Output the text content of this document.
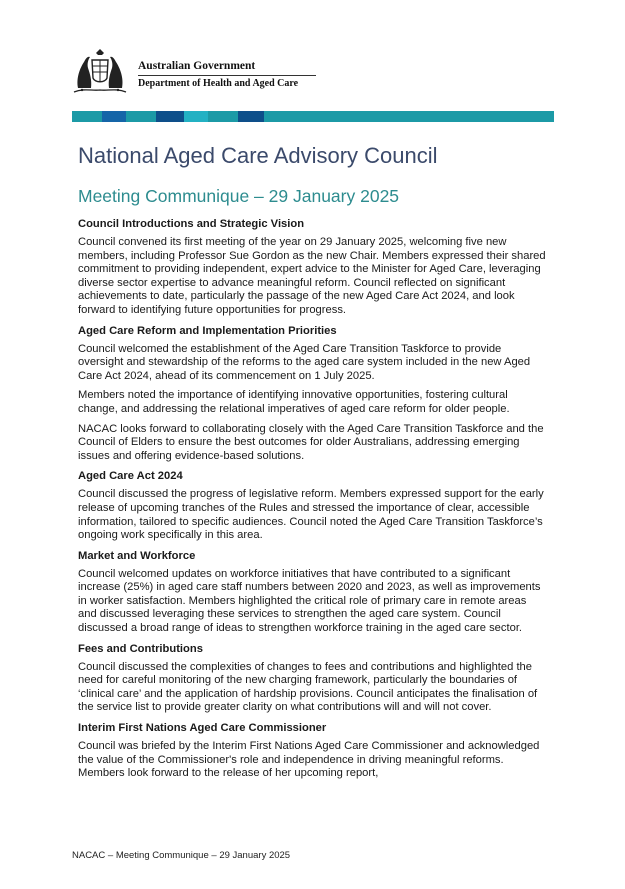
Australian Government
Department of Health and Aged Care
National Aged Care Advisory Council
Meeting Communique – 29 January 2025
Council Introductions and Strategic Vision

Council convened its first meeting of the year on 29 January 2025, welcoming five new members, including Professor Sue Gordon as the new Chair. Members expressed their shared commitment to providing independent, expert advice to the Minister for Aged Care, leveraging diverse sector expertise to advance meaningful reform. Council reflected on significant achievements to date, particularly the passage of the new Aged Care Act 2024, and look forward to identifying future opportunities for progress.

Aged Care Reform and Implementation Priorities

Council welcomed the establishment of the Aged Care Transition Taskforce to provide oversight and stewardship of the reforms to the aged care system included in the new Aged Care Act 2024, ahead of its commencement on 1 July 2025.

Members noted the importance of identifying innovative opportunities, fostering cultural change, and addressing the relational imperatives of aged care reform for older people.

NACAC looks forward to collaborating closely with the Aged Care Transition Taskforce and the Council of Elders to ensure the best outcomes for older Australians, addressing emerging issues and offering evidence-based solutions.

Aged Care Act 2024

Council discussed the progress of legislative reform. Members expressed support for the early release of upcoming tranches of the Rules and stressed the importance of clear, accessible information, tailored to specific audiences. Council noted the Aged Care Transition Taskforce’s ongoing work specifically in this area.

Market and Workforce

Council welcomed updates on workforce initiatives that have contributed to a significant increase (25%) in aged care staff numbers between 2020 and 2023, as well as improvements in worker satisfaction. Members highlighted the critical role of primary care in remote areas and discussed leveraging these services to strengthen the aged care system. Council discussed a broad range of ideas to strengthen workforce training in the aged care sector.

Fees and Contributions

Council discussed the complexities of changes to fees and contributions and highlighted the need for careful monitoring of the new charging framework, particularly the boundaries of ‘clinical care’ and the application of hardship provisions. Council anticipates the finalisation of the service list to provide greater clarity on what contributions will and will not cover.

Interim First Nations Aged Care Commissioner

Council was briefed by the Interim First Nations Aged Care Commissioner and acknowledged the value of the Commissioner's role and independence in driving meaningful reforms. Members look forward to the release of her upcoming report,

NACAC – Meeting Communique – 29 January 2025
